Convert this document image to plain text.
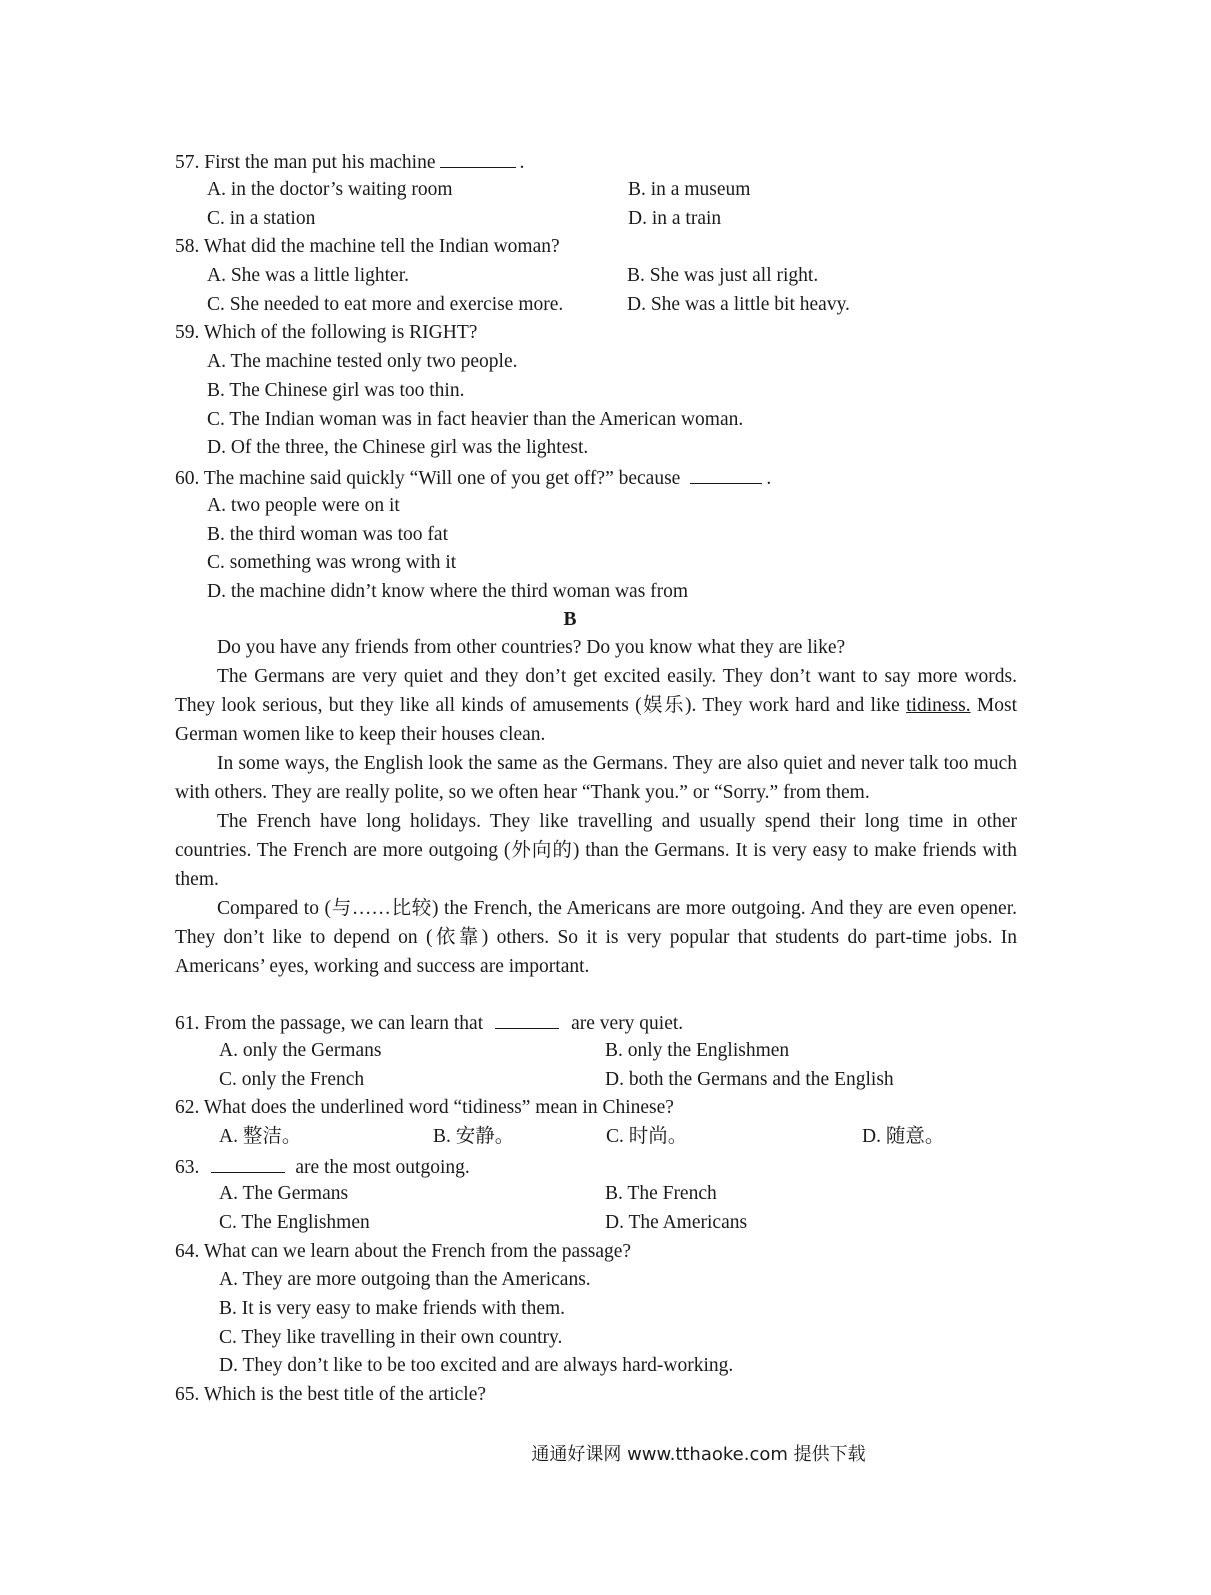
57. First the man put his machine	.
A. in the doctor’s waiting room	B. in a museum
C. in a station	D. in a train
58. What did the machine tell the Indian woman?
A. She was a little lighter.	B. She was just all right.
C. She needed to eat more and exercise more.	D. She was a little bit heavy.
59. Which of the following is RIGHT?
A. The machine tested only two people.
B. The Chinese girl was too thin.
C. The Indian woman was in fact heavier than the American woman.
D. Of the three, the Chinese girl was the lightest.
60. The machine said quickly “Will one of you get off?” because	.
A. two people were on it
B. the third woman was too fat
C. something was wrong with it
D. the machine didn’t know where the third woman was from
B
Do you have any friends from other countries? Do you know what they are like?
The Germans are very quiet and they don’t get excited easily. They don’t want to say more words. They look serious, but they like all kinds of amusements (娱乐). They work hard and like tidiness. Most German women like to keep their houses clean.
In some ways, the English look the same as the Germans. They are also quiet and never talk too much with others. They are really polite, so we often hear “Thank you.” or “Sorry.” from them.
The French have long holidays. They like travelling and usually spend their long time in other countries. The French are more outgoing (外向的) than the Germans. It is very easy to make friends with them.
Compared to (与……比较) the French, the Americans are more outgoing. And they are even opener. They don’t like to depend on (依靠) others. So it is very popular that students do part-time jobs. In Americans’ eyes, working and success are important.
61. From the passage, we can learn that	are very quiet.
A. only the Germans	B. only the Englishmen
C. only the French	D. both the Germans and the English
62. What does the underlined word “tidiness” mean in Chinese?
A. 整洁。	B. 安静。	C. 时尚。	D. 随意。
63.	are the most outgoing.
A. The Germans	B. The French
C. The Englishmen	D. The Americans
64. What can we learn about the French from the passage?
A. They are more outgoing than the Americans.
B. It is very easy to make friends with them.
C. They like travelling in their own country.
D. They don’t like to be too excited and are always hard-working.
65. Which is the best title of the article?
通通好课网 www.tthaoke.com 提供下载
